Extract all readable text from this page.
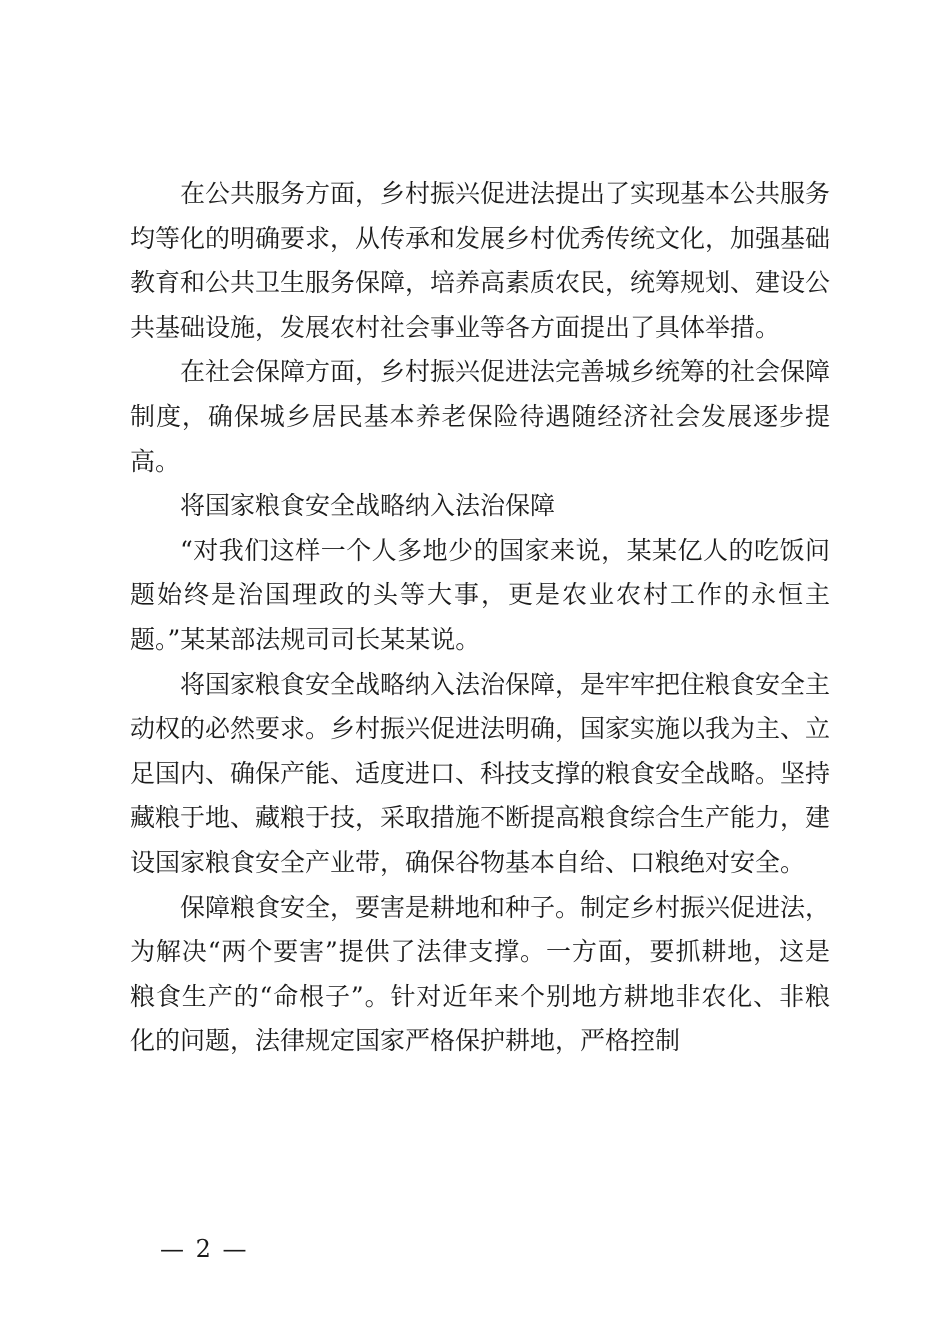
在公共服务方面，乡村振兴促进法提出了实现基本公共服务均等化的明确要求，从传承和发展乡村优秀传统文化，加强基础教育和公共卫生服务保障，培养高素质农民，统筹规划、建设公共基础设施，发展农村社会事业等各方面提出了具体举措。

在社会保障方面，乡村振兴促进法完善城乡统筹的社会保障制度，确保城乡居民基本养老保险待遇随经济社会发展逐步提高。

将国家粮食安全战略纳入法治保障

“对我们这样一个人多地少的国家来说，某某亿人的吃饭问题始终是治国理政的头等大事，更是农业农村工作的永恒主题。”某某部法规司司长某某说。

将国家粮食安全战略纳入法治保障，是牢牢把住粮食安全主动权的必然要求。乡村振兴促进法明确，国家实施以我为主、立足国内、确保产能、适度进口、科技支撑的粮食安全战略。坚持藏粮于地、藏粮于技，采取措施不断提高粮食综合生产能力，建设国家粮食安全产业带，确保谷物基本自给、口粮绝对安全。

保障粮食安全，要害是耕地和种子。制定乡村振兴促进法，为解决“两个要害”提供了法律支撑。一方面，要抓耕地，这是粮食生产的“命根子”。针对近年来个别地方耕地非农化、非粮化的问题，法律规定国家严格保护耕地，严格控制

— 2 —
